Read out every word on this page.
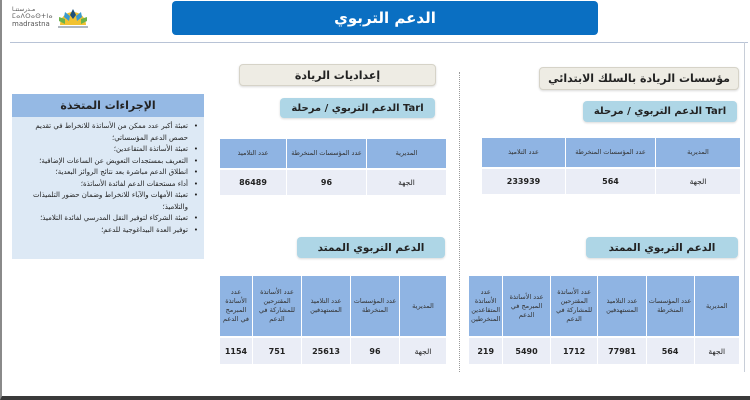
مـدرستنـا
ⵎⴰⴷⵔⴰⵙⵜⵏⴰ
madrastna	الدعم التربوي
الإجراءات المتخذة
• تعبئة أكبر عدد ممكن من الأساتذة للانخراط في تقديم حصص الدعم المؤسساتي؛
• تعبئة الأساتذة المتقاعدين؛
• التعريف بمستجدات التعويض عن الساعات الإضافية؛
• انطلاق الدعم مباشرة بعد نتائج الروائز البعدية؛
• أداء مستحقات الدعم لفائدة الأساتذة؛
• تعبئة الأمهات والآباء للانخراط وضمان حضور التلميذات والتلاميذ؛
• تعبئة الشركاء لتوفير النقل المدرسي لفائدة التلاميذ؛
• توفير العدة البيداغوجية للدعم؛
إعداديات الريادة
الدعم التربوي / مرحلة Tarl
المديرية	عدد المؤسسات المنخرطة	عدد التلاميذ
الجهة	96	86489
الدعم التربوي الممتد
المديرية	عدد المؤسسات المنخرطة	عدد التلاميذ المستهدفين	عدد الأساتذة المقترحين للمشاركة في الدعم	عدد الأساتذة المبرمج في الدعم
الجهة	96	25613	751	1154
مؤسسات الريادة بالسلك الابتدائي
الدعم التربوي / مرحلة Tarl
المديرية	عدد المؤسسات المنخرطة	عدد التلاميذ
الجهة	564	233939
الدعم التربوي الممتد
المديرية	عدد المؤسسات المنخرطة	عدد التلاميذ المستهدفين	عدد الأساتذة المقترحين للمشاركة في الدعم	عدد الأساتذة المبرمج في الدعم	عدد الأساتذة المتقاعدين المنخرطين
الجهة	564	77981	1712	5490	219
